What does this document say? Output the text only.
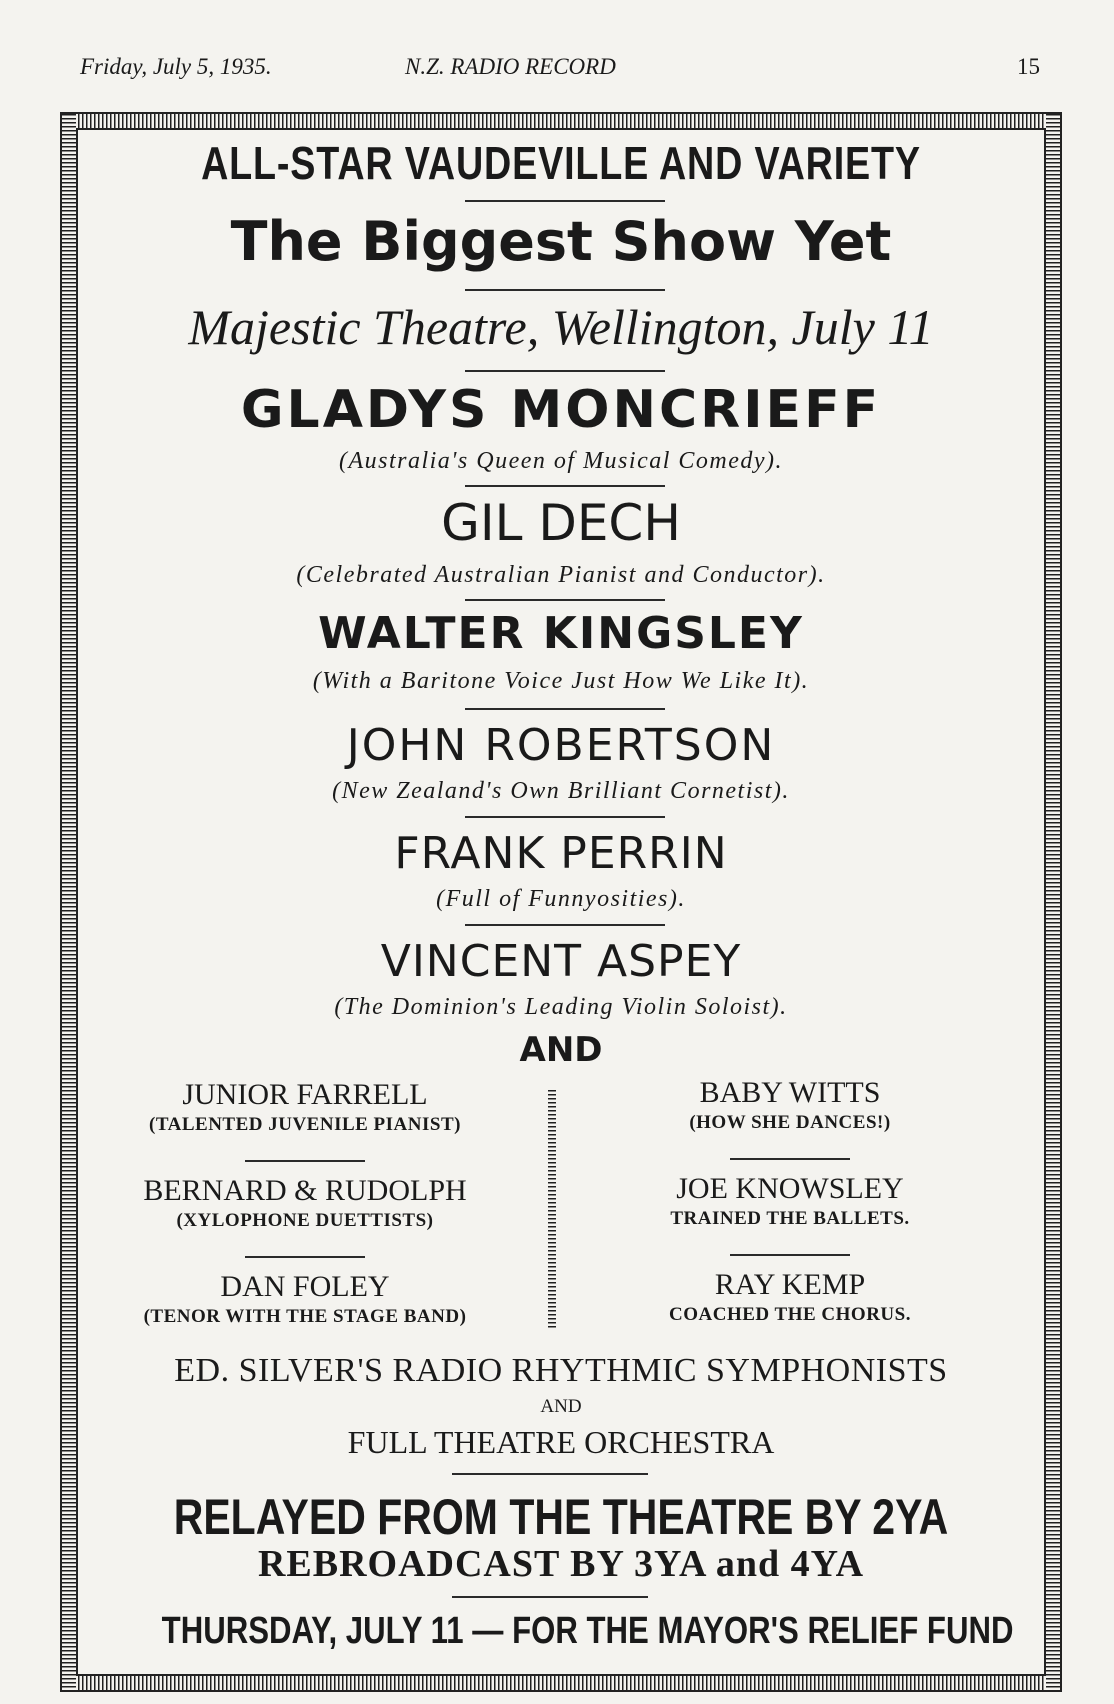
Friday, July 5, 1935.	N.Z. RADIO RECORD	15
ALL-STAR VAUDEVILLE AND VARIETY
The Biggest Show Yet
Majestic Theatre, Wellington, July 11
GLADYS MONCRIEFF
(Australia's Queen of Musical Comedy).
GIL DECH
(Celebrated Australian Pianist and Conductor).
WALTER KINGSLEY
(With a Baritone Voice Just How We Like It).
JOHN ROBERTSON
(New Zealand's Own Brilliant Cornetist).
FRANK PERRIN
(Full of Funnyosities).
VINCENT ASPEY
(The Dominion's Leading Violin Soloist).
AND
JUNIOR FARRELL
(TALENTED JUVENILE PIANIST)
BERNARD & RUDOLPH
(XYLOPHONE DUETTISTS)
DAN FOLEY
(TENOR WITH THE STAGE BAND)
BABY WITTS
(HOW SHE DANCES!)
JOE KNOWSLEY
TRAINED THE BALLETS.
RAY KEMP
COACHED THE CHORUS.
ED. SILVER'S RADIO RHYTHMIC SYMPHONISTS
AND
FULL THEATRE ORCHESTRA
RELAYED FROM THE THEATRE BY 2YA
REBROADCAST BY 3YA and 4YA
THURSDAY, JULY 11 — FOR THE MAYOR'S RELIEF FUND
